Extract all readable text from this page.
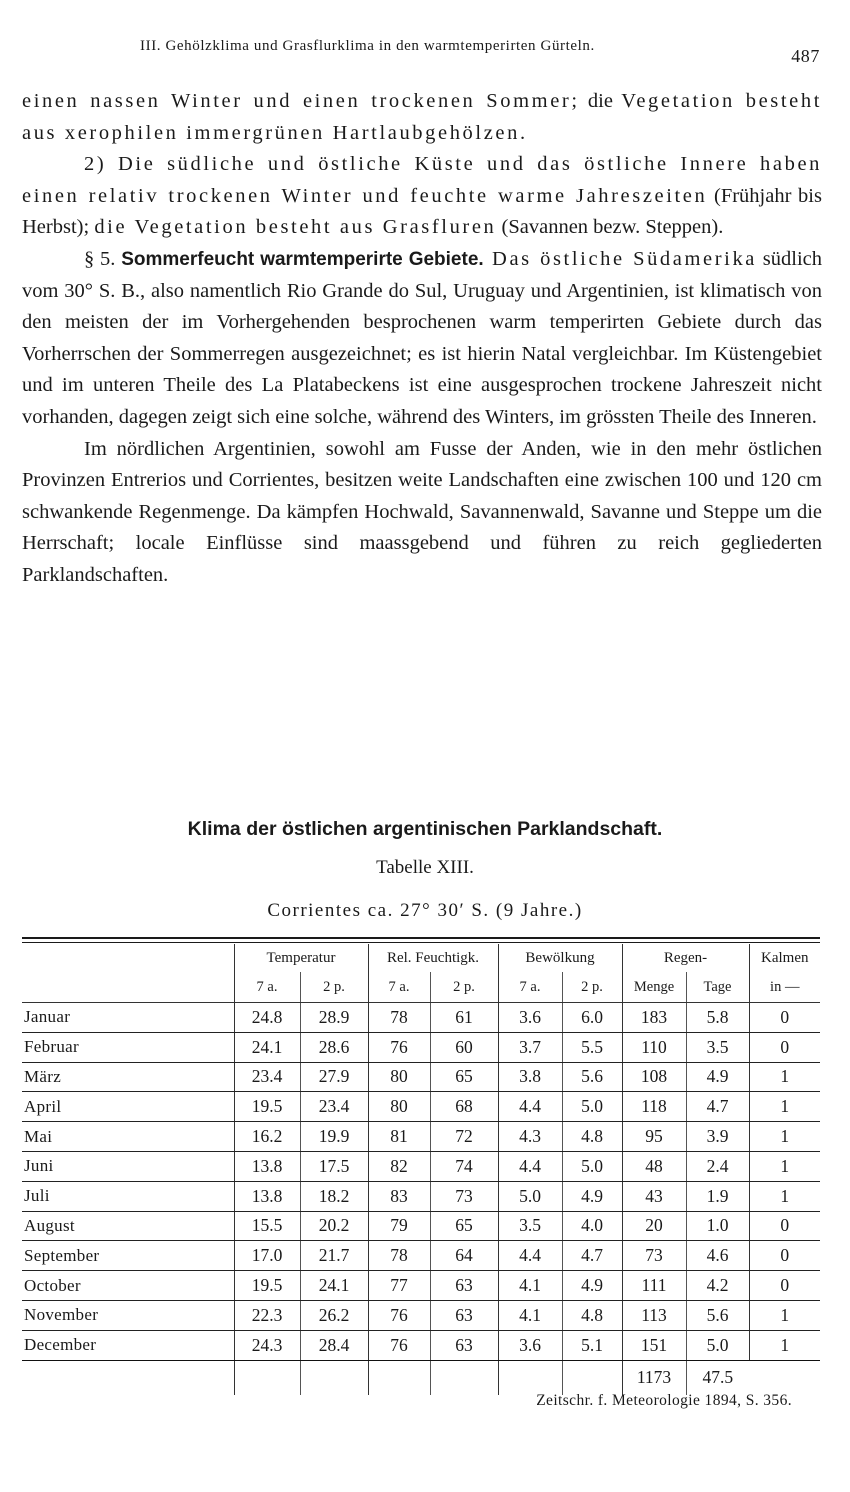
III. Gehölzklima und Grasflurklima in den warmtemperirten Gürteln.	487

einen nassen Winter und einen trockenen Sommer; die Vegetation besteht aus xerophilen immergrünen Hartlaubgehölzen.

2) Die südliche und östliche Küste und das östliche Innere haben einen relativ trockenen Winter und feuchte warme Jahreszeiten (Frühjahr bis Herbst); die Vegetation besteht aus Grasfluren (Savannen bezw. Steppen).

§ 5. Sommerfeucht warmtemperirte Gebiete. Das östliche Südamerika südlich vom 30° S. B., also namentlich Rio Grande do Sul, Uruguay und Argentinien, ist klimatisch von den meisten der im Vorhergehenden besprochenen warm temperirten Gebiete durch das Vorherrschen der Sommerregen ausgezeichnet; es ist hierin Natal vergleichbar. Im Küstengebiet und im unteren Theile des La Platabeckens ist eine ausgesprochen trockene Jahreszeit nicht vorhanden, dagegen zeigt sich eine solche, während des Winters, im grössten Theile des Inneren.

Im nördlichen Argentinien, sowohl am Fusse der Anden, wie in den mehr östlichen Provinzen Entrerios und Corrientes, besitzen weite Landschaften eine zwischen 100 und 120 cm schwankende Regenmenge. Da kämpfen Hochwald, Savannenwald, Savanne und Steppe um die Herrschaft; locale Einflüsse sind maassgebend und führen zu reich gegliederten Parklandschaften.

Klima der östlichen argentinischen Parklandschaft.
Tabelle XIII.
Corrientes ca. 27° 30′ S. (9 Jahre.)
	Temperatur		Rel. Feuchtigk.		Bewölkung		Regen-		Kalmen
	7 a.	2 p.	7 a.	2 p.	7 a.	2 p.	Menge	Tage	in —
Januar	24.8	28.9	78	61	3.6	6.0	183	5.8	0
Februar	24.1	28.6	76	60	3.7	5.5	110	3.5	0
März	23.4	27.9	80	65	3.8	5.6	108	4.9	1
April	19.5	23.4	80	68	4.4	5.0	118	4.7	1
Mai	16.2	19.9	81	72	4.3	4.8	95	3.9	1
Juni	13.8	17.5	82	74	4.4	5.0	48	2.4	1
Juli	13.8	18.2	83	73	5.0	4.9	43	1.9	1
August	15.5	20.2	79	65	3.5	4.0	20	1.0	0
September	17.0	21.7	78	64	4.4	4.7	73	4.6	0
October	19.5	24.1	77	63	4.1	4.9	111	4.2	0
November	22.3	26.2	76	63	4.1	4.8	113	5.6	1
December	24.3	28.4	76	63	3.6	5.1	151	5.0	1
							1173	47.5	
Zeitschr. f. Meteorologie 1894, S. 356.
